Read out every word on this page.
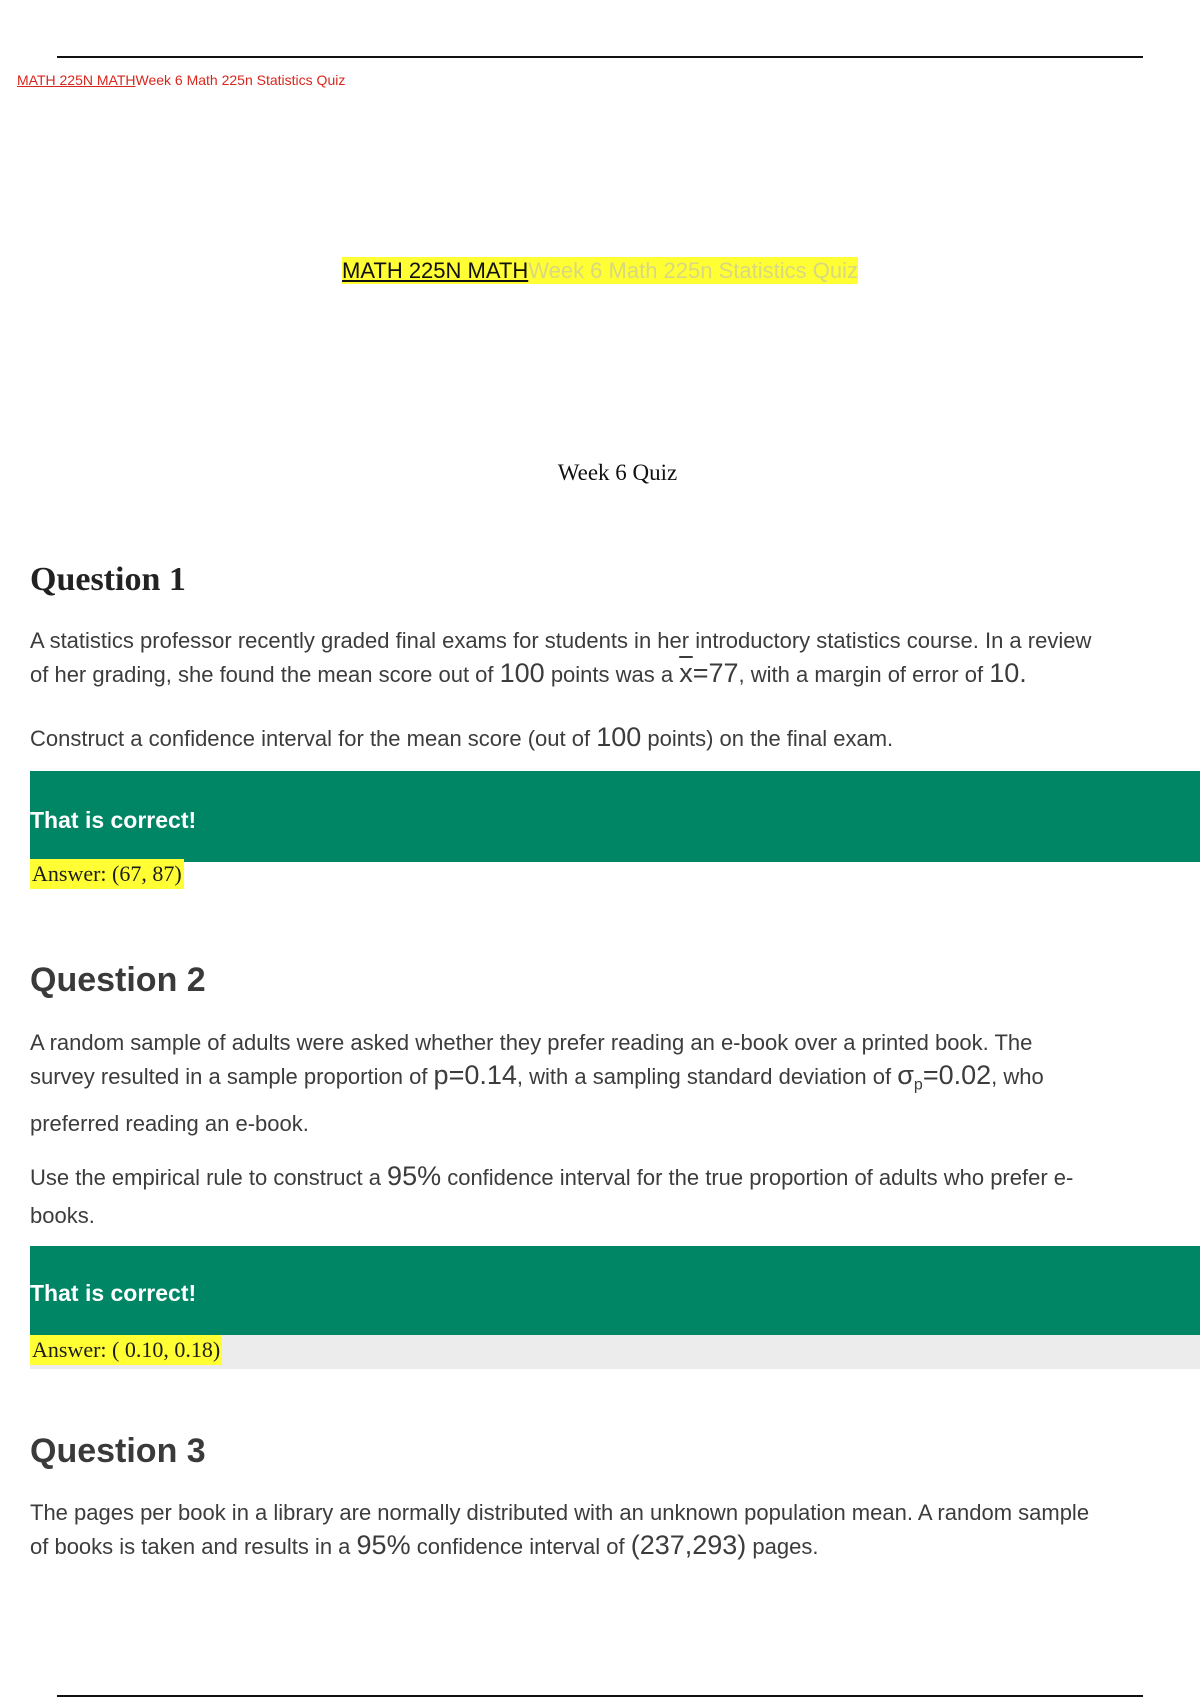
MATH 225N MATHWeek 6 Math 225n Statistics Quiz
MATH 225N MATHWeek 6 Math 225n Statistics Quiz
Week 6 Quiz
Question 1
A statistics professor recently graded final exams for students in her introductory statistics course. In a review
of her grading, she found the mean score out of 100 points was a $\overline{x}=77$, with a margin of error of 10.
Construct a confidence interval for the mean score (out of 100 points) on the final exam.
That is correct!
Answer: (67, 87)
Question 2
A random sample of adults were asked whether they prefer reading an e-book over a printed book. The
survey resulted in a sample proportion of p=0.14, with a sampling standard deviation of $\sigma_p=0.02$, who
preferred reading an e-book.
Use the empirical rule to construct a 95% confidence interval for the true proportion of adults who prefer e-
books.
That is correct!
Answer: ( 0.10, 0.18)
Question 3
The pages per book in a library are normally distributed with an unknown population mean. A random sample
of books is taken and results in a 95% confidence interval of (237,293) pages.
